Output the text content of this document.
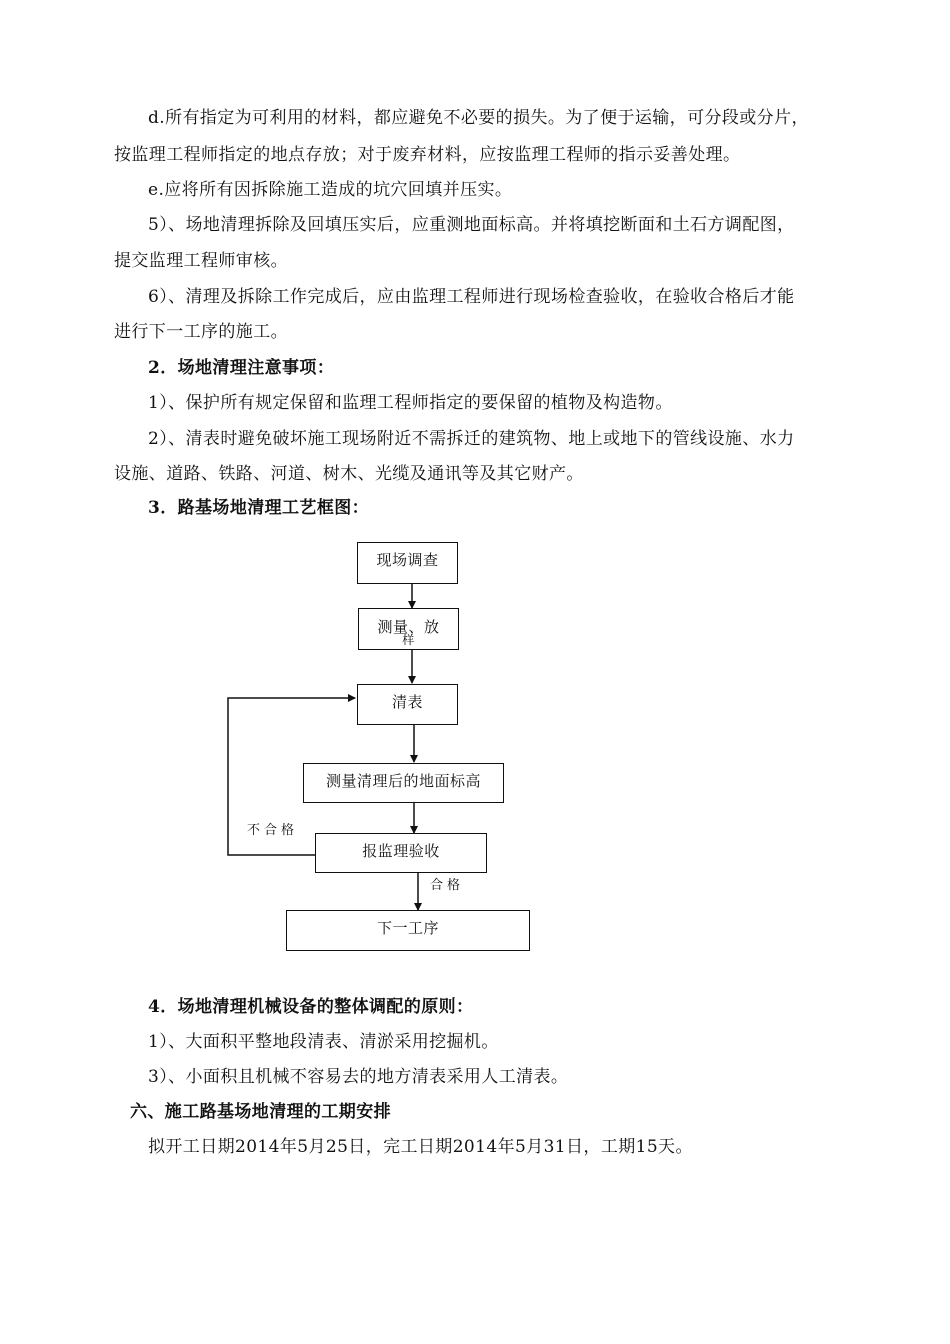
d.所有指定为可利用的材料，都应避免不必要的损失。为了便于运输，可分段或分片，
按监理工程师指定的地点存放；对于废弃材料，应按监理工程师的指示妥善处理。
e.应将所有因拆除施工造成的坑穴回填并压实。
5）、场地清理拆除及回填压实后，应重测地面标高。并将填挖断面和土石方调配图，
提交监理工程师审核。
6）、清理及拆除工作完成后，应由监理工程师进行现场检查验收，在验收合格后才能
进行下一工序的施工。
2．场地清理注意事项：
1）、保护所有规定保留和监理工程师指定的要保留的植物及构造物。
2）、清表时避免破坏施工现场附近不需拆迁的建筑物、地上或地下的管线设施、水力
设施、道路、铁路、河道、树木、光缆及通讯等及其它财产。
3．路基场地清理工艺框图：
现场调查
测量、放
样
清表
测量清理后的地面标高
报监理验收
下一工序
不合格
合格
4．场地清理机械设备的整体调配的原则：
1）、大面积平整地段清表、清淤采用挖掘机。
3）、小面积且机械不容易去的地方清表采用人工清表。
六、施工路基场地清理的工期安排
拟开工日期2014年5月25日，完工日期2014年5月31日，工期15天。
